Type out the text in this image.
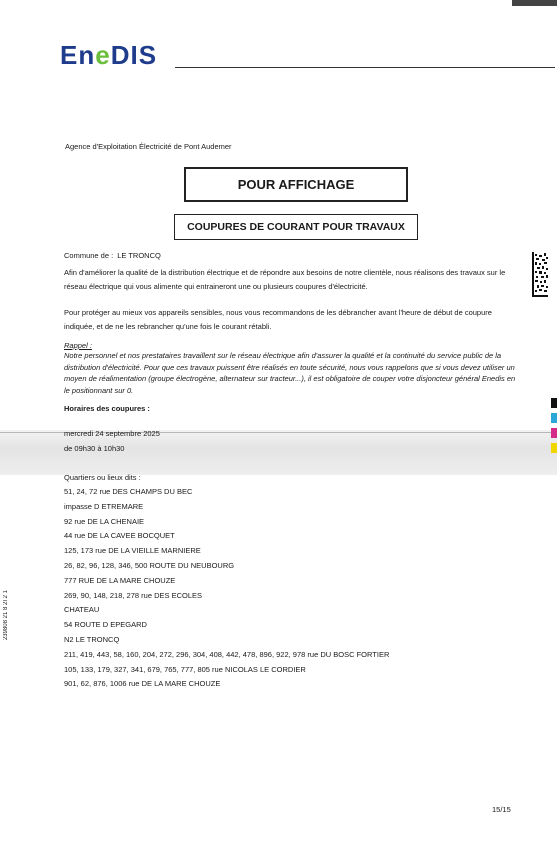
EneDIS
Agence d'Exploitation Électricité de Pont Audemer
POUR AFFICHAGE
COUPURES DE COURANT POUR TRAVAUX
Commune de : LE TRONCQ

Afin d'améliorer la qualité de la distribution électrique et de répondre aux besoins de notre clientèle, nous réalisons des travaux sur le réseau électrique qui vous alimente qui entraineront une ou plusieurs coupures d'électricité.

Pour protéger au mieux vos appareils sensibles, nous vous recommandons de les débrancher avant l'heure de début de coupure indiquée, et de ne les rebrancher qu'une fois le courant rétabli.

Rappel :

Notre personnel et nos prestataires travaillent sur le réseau électrique afin d'assurer la qualité et la continuité du service public de la distribution d'électricité. Pour que ces travaux puissent être réalisés en toute sécurité, nous vous rappelons que si vous devez utiliser un moyen de réalimentation (groupe électrogène, alternateur sur tracteur...), il est obligatoire de couper votre disjoncteur général Enedis en le positionnant sur 0.

Horaires des coupures :
mercredi 24 septembre 2025
de 09h30 à 10h30
Quartiers ou lieux dits :
51, 24, 72 rue DES CHAMPS DU BEC
impasse D ETREMARE
92 rue DE LA CHENAIE
44 rue DE LA CAVEE BOCQUET
125, 173 rue DE LA VIEILLE MARNIERE
26, 82, 96, 128, 346, 500 ROUTE DU NEUBOURG
777 RUE DE LA MARE CHOUZE
269, 90, 148, 218, 278 rue DES ECOLES
CHATEAU
54 ROUTE D EPEGARD
N2 LE TRONCQ
211, 419, 443, 58, 160, 204, 272, 296, 304, 408, 442, 478, 896, 922, 978 rue DU BOSC FORTIER
105, 133, 179, 327, 341, 679, 765, 777, 805 rue NICOLAS LE CORDIER
901, 62, 876, 1006 rue DE LA MARE CHOUZE
15/15
239808 21 8 2I 2 1
